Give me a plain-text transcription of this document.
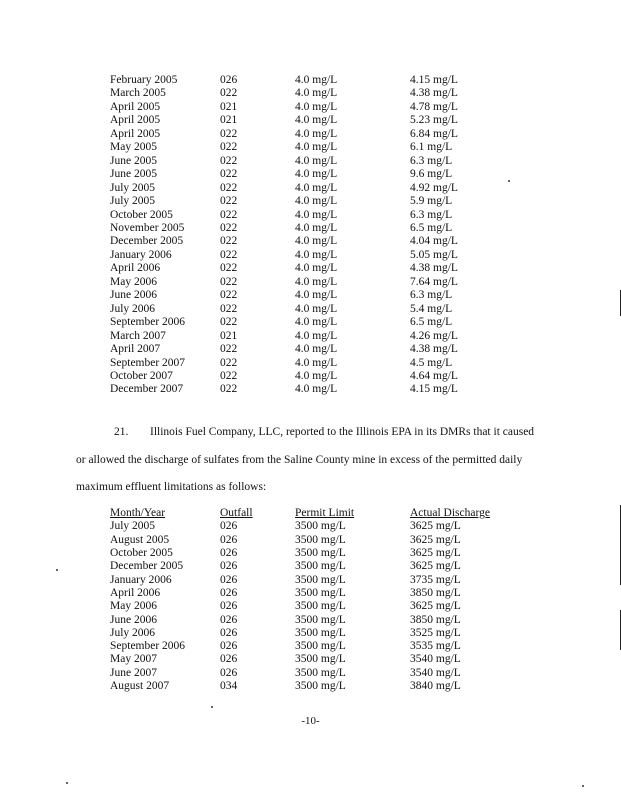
February 2005	026	4.0 mg/L	4.15 mg/L
March 2005	022	4.0 mg/L	4.38 mg/L
April 2005	021	4.0 mg/L	4.78 mg/L
April 2005	021	4.0 mg/L	5.23 mg/L
April 2005	022	4.0 mg/L	6.84 mg/L
May 2005	022	4.0 mg/L	6.1 mg/L
June 2005	022	4.0 mg/L	6.3 mg/L
June 2005	022	4.0 mg/L	9.6 mg/L
July 2005	022	4.0 mg/L	4.92 mg/L
July 2005	022	4.0 mg/L	5.9 mg/L
October 2005	022	4.0 mg/L	6.3 mg/L
November 2005	022	4.0 mg/L	6.5 mg/L
December 2005	022	4.0 mg/L	4.04 mg/L
January 2006	022	4.0 mg/L	5.05 mg/L
April 2006	022	4.0 mg/L	4.38 mg/L
May 2006	022	4.0 mg/L	7.64 mg/L
June 2006	022	4.0 mg/L	6.3 mg/L
July 2006	022	4.0 mg/L	5.4 mg/L
September 2006	022	4.0 mg/L	6.5 mg/L
March 2007	021	4.0 mg/L	4.26 mg/L
April 2007	022	4.0 mg/L	4.38 mg/L
September 2007	022	4.0 mg/L	4.5 mg/L
October 2007	022	4.0 mg/L	4.64 mg/L
December 2007	022	4.0 mg/L	4.15 mg/L

21. Illinois Fuel Company, LLC, reported to the Illinois EPA in its DMRs that it caused

or allowed the discharge of sulfates from the Saline County mine in excess of the permitted daily

maximum effluent limitations as follows:

Month/Year	Outfall	Permit Limit	Actual Discharge
July 2005	026	3500 mg/L	3625 mg/L
August 2005	026	3500 mg/L	3625 mg/L
October 2005	026	3500 mg/L	3625 mg/L
December 2005	026	3500 mg/L	3625 mg/L
January 2006	026	3500 mg/L	3735 mg/L
April 2006	026	3500 mg/L	3850 mg/L
May 2006	026	3500 mg/L	3625 mg/L
June 2006	026	3500 mg/L	3850 mg/L
July 2006	026	3500 mg/L	3525 mg/L
September 2006	026	3500 mg/L	3535 mg/L
May 2007	026	3500 mg/L	3540 mg/L
June 2007	026	3500 mg/L	3540 mg/L
August 2007	034	3500 mg/L	3840 mg/L
-10-
